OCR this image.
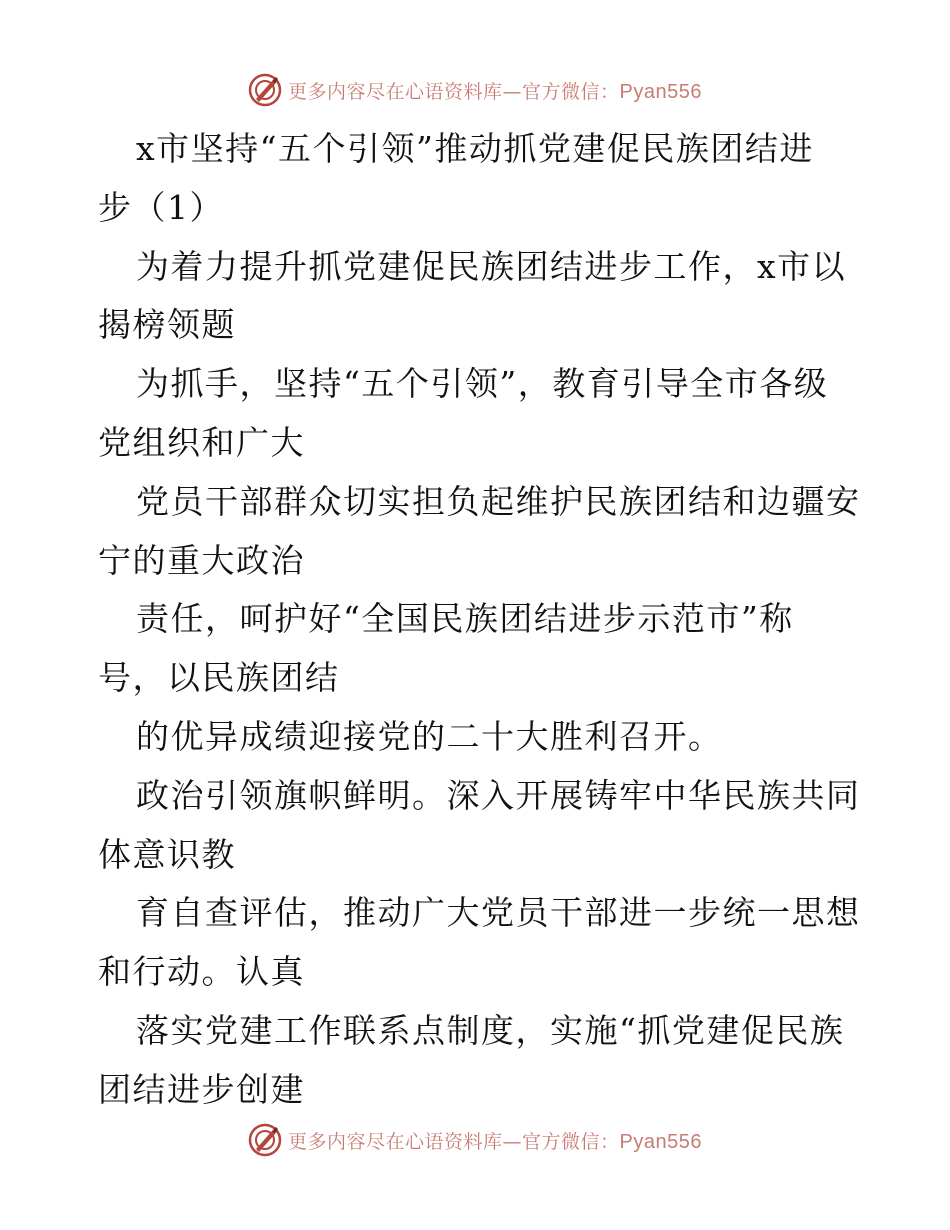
更多内容尽在心语资料库—官方微信：Pyan556
x市坚持“五个引领”推动抓党建促民族团结进
步（1）
为着力提升抓党建促民族团结进步工作，x市以
揭榜领题
为抓手，坚持“五个引领”，教育引导全市各级
党组织和广大
党员干部群众切实担负起维护民族团结和边疆安
宁的重大政治
责任，呵护好“全国民族团结进步示范市”称
号，以民族团结
的优异成绩迎接党的二十大胜利召开。
政治引领旗帜鲜明。深入开展铸牢中华民族共同
体意识教
育自查评估，推动广大党员干部进一步统一思想
和行动。认真
落实党建工作联系点制度，实施“抓党建促民族
团结进步创建
更多内容尽在心语资料库—官方微信：Pyan556
